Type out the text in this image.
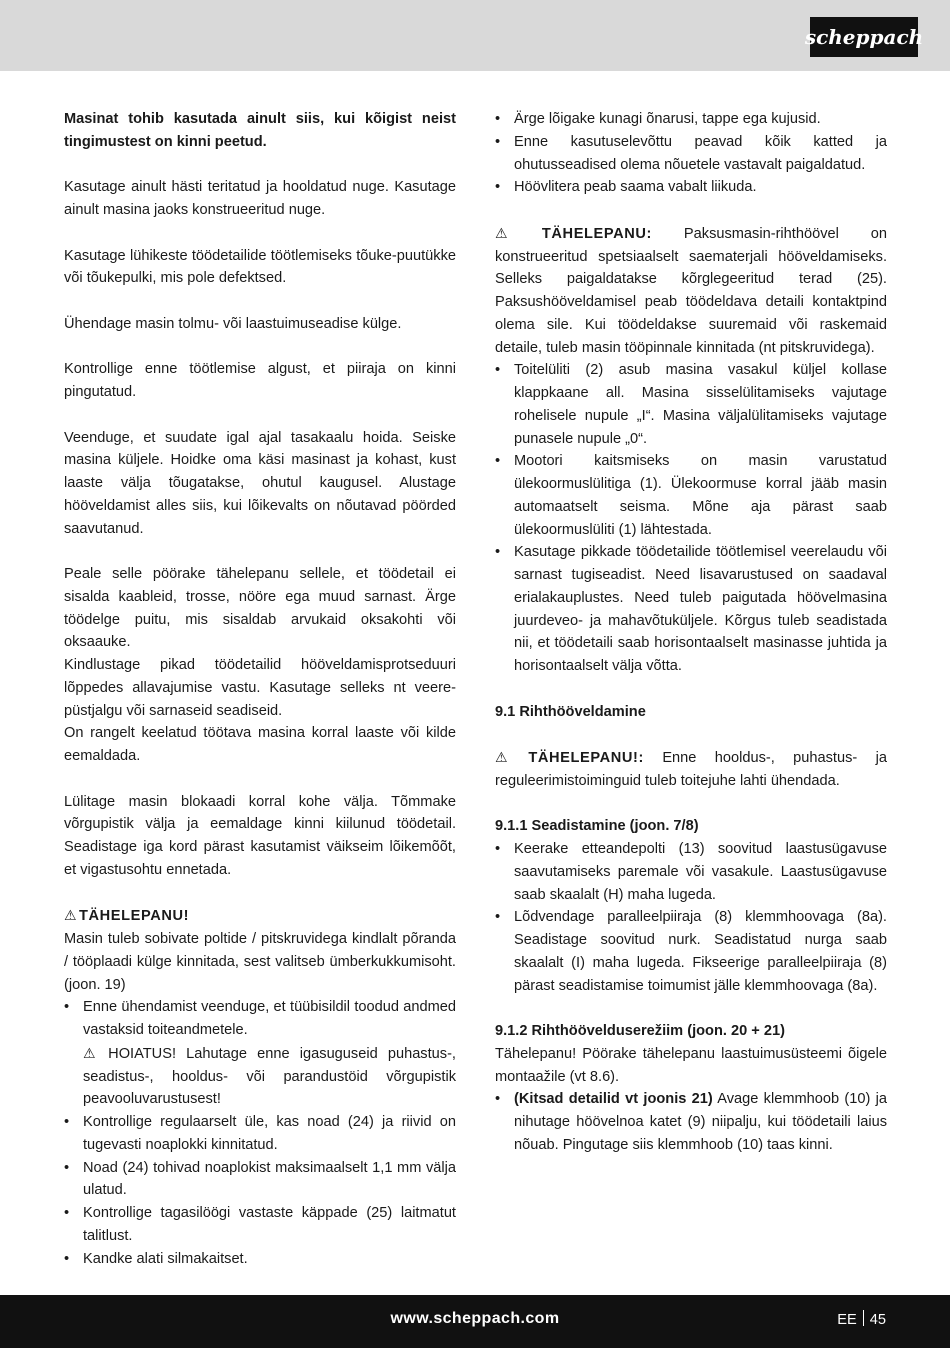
scheppach

Masinat tohib kasutada ainult siis, kui kõigist neist tingimustest on kinni peetud.

Kasutage ainult hästi teritatud ja hooldatud nuge. Kasutage ainult masina jaoks konstrueeritud nuge.

Kasutage lühikeste töödetailide töötlemiseks tõuke-puutükke või tõukepulki, mis pole defektsed.

Ühendage masin tolmu- või laastuimuseadise külge.

Kontrollige enne töötlemise algust, et piiraja on kinni pingutatud.

Veenduge, et suudate igal ajal tasakaalu hoida. Seiske masina küljele. Hoidke oma käsi masinast ja kohast, kust laaste välja tõugatakse, ohutul kaugusel. Alustage höövеldamist alles siis, kui lõikevalts on nõutavad pöörded saavutanud.

Peale selle pöörake tähelepanu sellele, et töödetail ei sisalda kaableid, trosse, nööre ega muud sarnast. Ärge töödelge puitu, mis sisaldab arvukaid oksakohti või oksaauke.

Kindlustage pikad töödetailid hööveldamisprotseduuri lõppedes allavajumise vastu. Kasutage selleks nt veere-püstjalgu või sarnaseid seadiseid.

On rangelt keelatud töötava masina korral laaste või kilde eemaldada.

Lülitage masin blokaadi korral kohe välja. Tõmmake võrgupistik välja ja eemaldage kinni kiilunud töödetail. Seadistage iga kord pärast kasutamist väikseim lõikemõõt, et vigastusohtu ennetada.

⚠ TÄHELEPANU!

Masin tuleb sobivate poltide / pitskruvidega kindlalt põranda / tööplaadi külge kinnitada, sest valitseb ümberkukkumisoht. (joon. 19)

• Enne ühendamist veenduge, et tüübisildil toodud andmed vastaksid toiteandmetele.
⚠ HOIATUS! Lahutage enne igasuguseid puhastus-, seadistus-, hooldus- või parandustöid võrgupistik peavooluvarustusest!
• Kontrollige regulaarselt üle, kas noad (24) ja riivid on tugevasti noaplokki kinnitatud.
• Noad (24) tohivad noaplokist maksimaalselt 1,1 mm välja ulatud.
• Kontrollige tagasilöögi vastaste käppade (25) laitmatut talitlust.
• Kandke alati silmakaitset.
• Ärge lõigake kunagi õnarusi, tappe ega kujusid.
• Enne kasutuselevõttu peavad kõik katted ja ohutusseadised olema nõuetele vastavalt paigaldatud.
• Höövlitera peab saama vabalt liikuda.

⚠ TÄHELEPANU: Paksusmasin-rihthöövel on konstrueeritud spetsiaalselt saematerjali hööveldamiseks. Selleks paigaldatakse kõrglegeeritud terad (25). Paksushööveldamisel peab töödeldava detaili kontaktpind olema sile. Kui töödeldakse suuremaid või raskemaid detaile, tuleb masin tööpinnale kinnitada (nt pitskruvidega).

• Toitelüliti (2) asub masina vasakul küljel kollase klappkaane all. Masina sisselülitamiseks vajutage rohelisele nupule „I“. Masina väljalülitamiseks vajutage punasele nupule „0“.
• Mootori kaitsmiseks on masin varustatud ülekoormuslülitiga (1). Ülekoormuse korral jääb masin automaatselt seisma. Mõne aja pärast saab ülekoormuslüliti (1) lähtestada.
• Kasutage pikkade töödetailide töötlemisel veerelaudu või sarnast tugiseadist. Need lisavarustused on saadaval erialakauplustes. Need tuleb paigutada höövelmasina juurdeveo- ja mahavõtuküljele. Kõrgus tuleb seadistada nii, et töödetaili saab horisontaalselt masinasse juhtida ja horisontaalselt välja võtta.

9.1 Rihthööveldamine

⚠ TÄHELEPANU!: Enne hooldus-, puhastus- ja reguleerimistoiminguid tuleb toitejuhe lahti ühendada.

9.1.1 Seadistamine (joon. 7/8)

• Keerake etteandepolti (13) soovitud laastusügavuse saavutamiseks paremale või vasakule. Laastusügavuse saab skaalalt (H) maha lugeda.
• Lõdvendage paralleelpiiraja (8) klemmhoovaga (8a). Seadistage soovitud nurk. Seadistatud nurga saab skaalalt (I) maha lugeda. Fikseerige paralleelpiiraja (8) pärast seadistamise toimumist jälle klemmhoovaga (8a).

9.1.2 Rihthöövelduserežiim (joon. 20 + 21)

Tähelepanu! Pöörake tähelepanu laastuimusüsteemi õigele montaažile (vt 8.6).

• (Kitsad detailid vt joonis 21) Avage klemmhoob (10) ja nihutage höövelnoa katet (9) niipalju, kui töödetaili laius nõuab. Pingutage siis klemmhoob (10) taas kinni.
www.scheppach.com	EE 45
